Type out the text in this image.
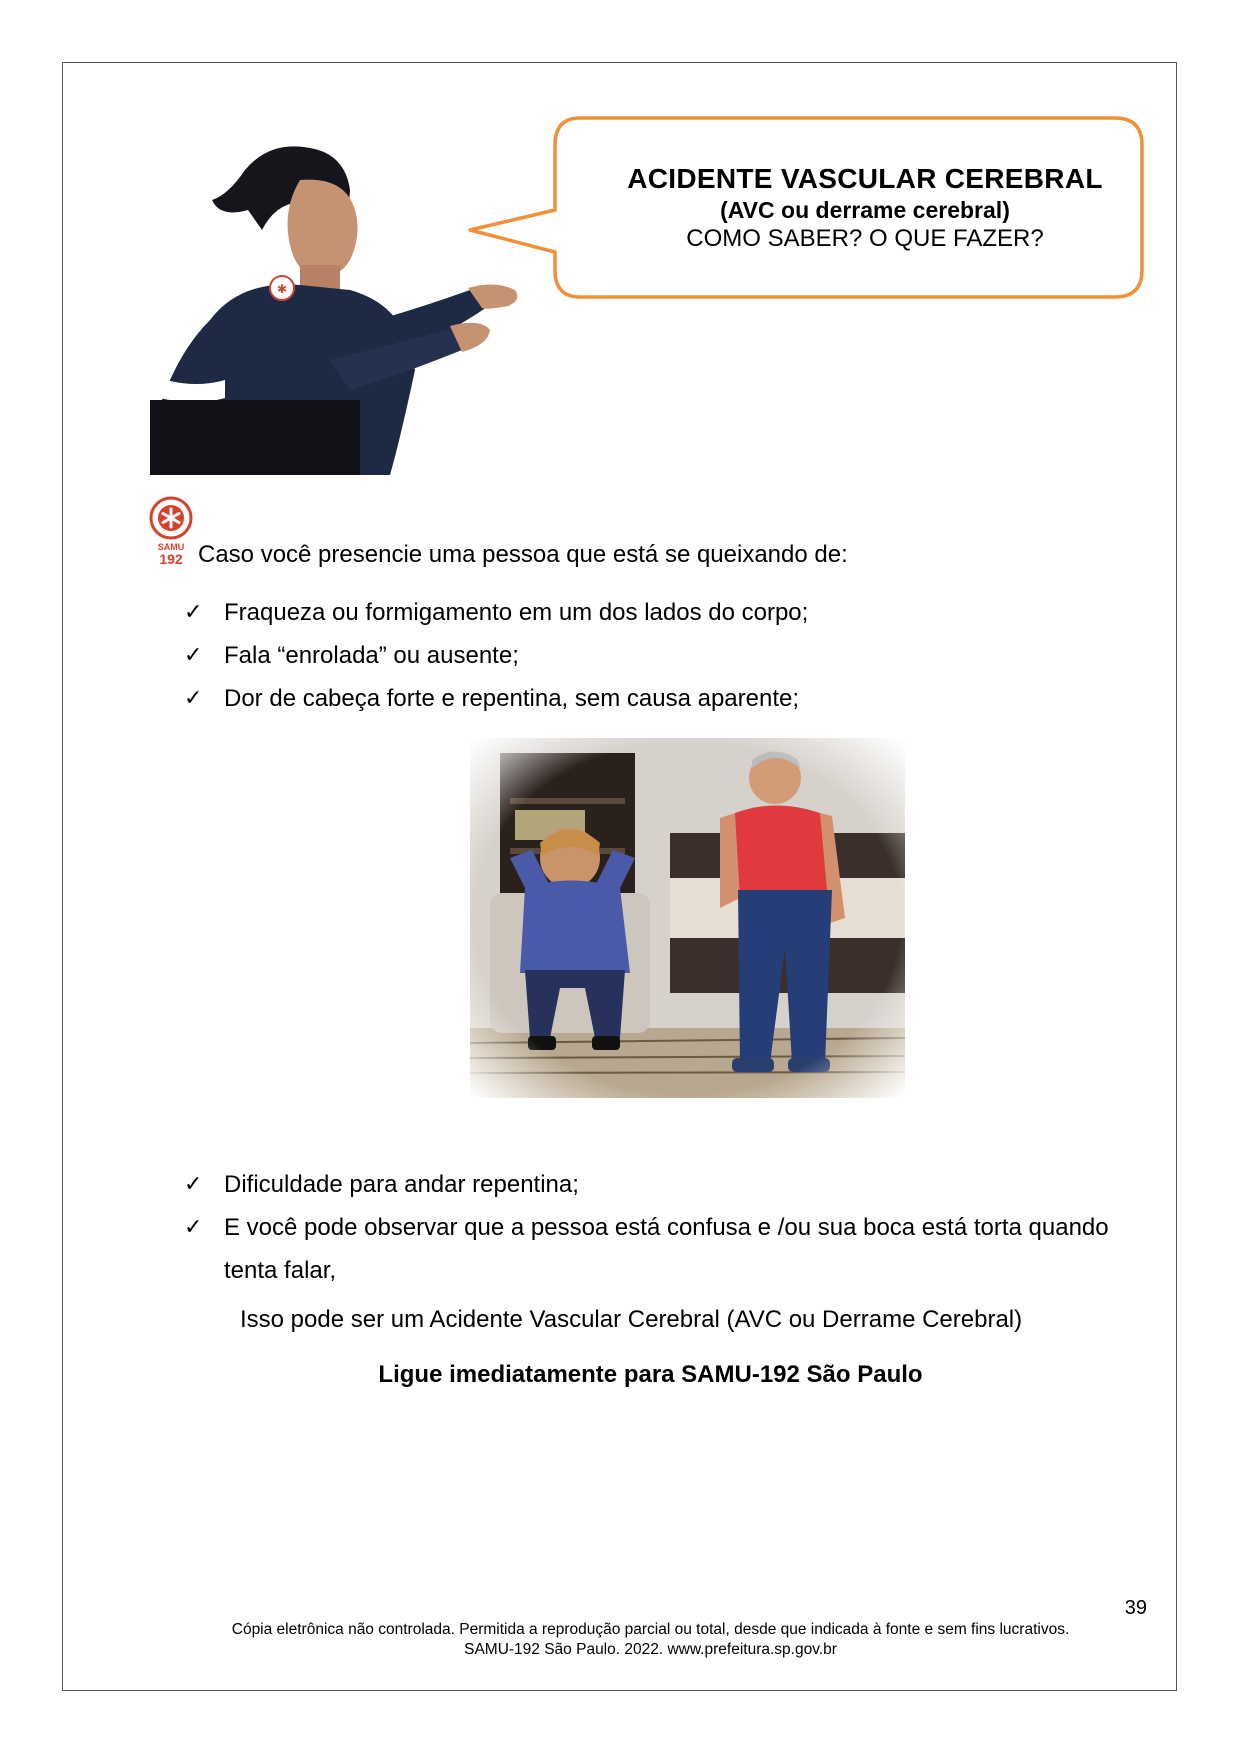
✱
ACIDENTE VASCULAR CEREBRAL
(AVC ou derrame cerebral)
COMO SABER? O QUE FAZER?
SAMU
192 Caso você presencie uma pessoa que está se queixando de:
✓ Fraqueza ou formigamento em um dos lados do corpo;
✓ Fala “enrolada” ou ausente;
✓ Dor de cabeça forte e repentina, sem causa aparente;
✓ Dificuldade para andar repentina;
✓ E você pode observar que a pessoa está confusa e /ou sua boca está torta quando tenta falar,
Isso pode ser um Acidente Vascular Cerebral (AVC ou Derrame Cerebral)
Ligue imediatamente para SAMU-192 São Paulo
39
Cópia eletrônica não controlada. Permitida a reprodução parcial ou total, desde que indicada à fonte e sem fins lucrativos.
SAMU-192 São Paulo. 2022. www.prefeitura.sp.gov.br
